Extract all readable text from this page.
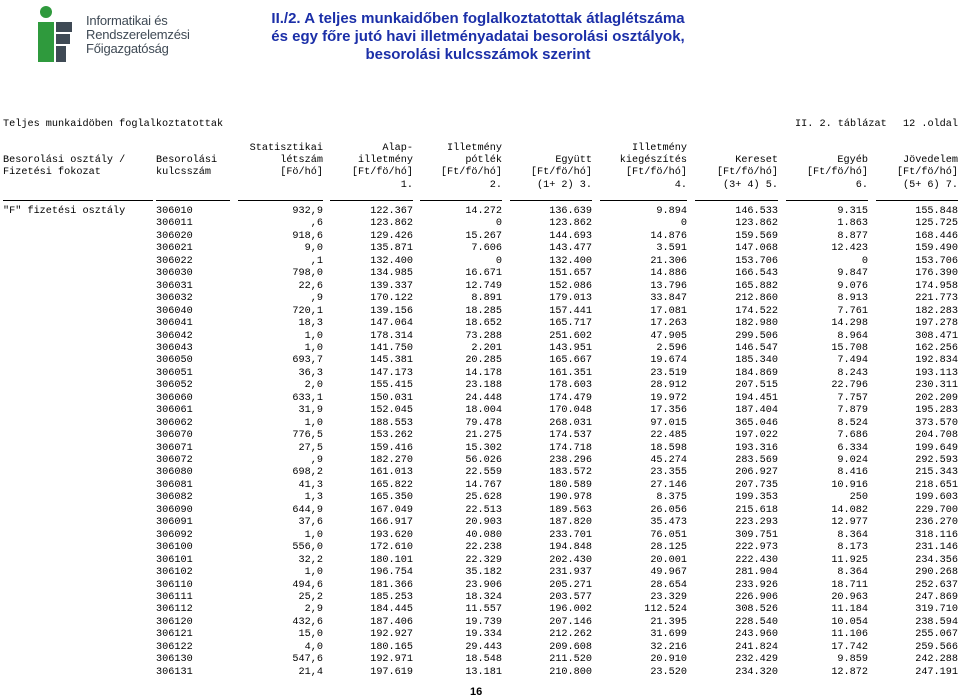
Informatikai és
Rendszerelemzési
Főigazgatóság
II./2. A teljes munkaidőben foglalkoztatottak átlaglétszáma
és egy főre jutó havi illetményadatai besorolási osztályok,
besorolási kulcsszámok szerint
Teljes munkaidöben foglalkoztatottak	II. 2. táblázat 12 .oldal
Statisztikai	Alap-	Illetmény	Illetmény
Besorolási osztály /	Besorolási	létszám	illetmény	pótlék	Együtt	kiegészítés	Kereset	Egyéb	Jövedelem
Fizetési fokozat	kulcsszám	[Fö/hó]	[Ft/fö/hó]	[Ft/fö/hó]	[Ft/fö/hó]	[Ft/fö/hó]	[Ft/fö/hó]	[Ft/fö/hó]	[Ft/fö/hó]
1.	2.	(1+ 2) 3.	4.	(3+ 4) 5.	6.	(5+ 6) 7.
"F" fizetési osztály	306010	932,9	122.367	14.272	136.639	9.894	146.533	9.315	155.848
306011	,6	123.862	0	123.862	0	123.862	1.863	125.725
306020	918,6	129.426	15.267	144.693	14.876	159.569	8.877	168.446
306021	9,0	135.871	7.606	143.477	3.591	147.068	12.423	159.490
306022	,1	132.400	0	132.400	21.306	153.706	0	153.706
306030	798,0	134.985	16.671	151.657	14.886	166.543	9.847	176.390
306031	22,6	139.337	12.749	152.086	13.796	165.882	9.076	174.958
306032	,9	170.122	8.891	179.013	33.847	212.860	8.913	221.773
306040	720,1	139.156	18.285	157.441	17.081	174.522	7.761	182.283
306041	18,3	147.064	18.652	165.717	17.263	182.980	14.298	197.278
306042	1,0	178.314	73.288	251.602	47.905	299.506	8.964	308.471
306043	1,0	141.750	2.201	143.951	2.596	146.547	15.708	162.256
306050	693,7	145.381	20.285	165.667	19.674	185.340	7.494	192.834
306051	36,3	147.173	14.178	161.351	23.519	184.869	8.243	193.113
306052	2,0	155.415	23.188	178.603	28.912	207.515	22.796	230.311
306060	633,1	150.031	24.448	174.479	19.972	194.451	7.757	202.209
306061	31,9	152.045	18.004	170.048	17.356	187.404	7.879	195.283
306062	1,0	188.553	79.478	268.031	97.015	365.046	8.524	373.570
306070	776,5	153.262	21.275	174.537	22.485	197.022	7.686	204.708
306071	27,5	159.416	15.302	174.718	18.598	193.316	6.334	199.649
306072	,9	182.270	56.026	238.296	45.274	283.569	9.024	292.593
306080	698,2	161.013	22.559	183.572	23.355	206.927	8.416	215.343
306081	41,3	165.822	14.767	180.589	27.146	207.735	10.916	218.651
306082	1,3	165.350	25.628	190.978	8.375	199.353	250	199.603
306090	644,9	167.049	22.513	189.563	26.056	215.618	14.082	229.700
306091	37,6	166.917	20.903	187.820	35.473	223.293	12.977	236.270
306092	1,0	193.620	40.080	233.701	76.051	309.751	8.364	318.116
306100	556,0	172.610	22.238	194.848	28.125	222.973	8.173	231.146
306101	32,2	180.101	22.329	202.430	20.001	222.430	11.925	234.356
306102	1,0	196.754	35.182	231.937	49.967	281.904	8.364	290.268
306110	494,6	181.366	23.906	205.271	28.654	233.926	18.711	252.637
306111	25,2	185.253	18.324	203.577	23.329	226.906	20.963	247.869
306112	2,9	184.445	11.557	196.002	112.524	308.526	11.184	319.710
306120	432,6	187.406	19.739	207.146	21.395	228.540	10.054	238.594
306121	15,0	192.927	19.334	212.262	31.699	243.960	11.106	255.067
306122	4,0	180.165	29.443	209.608	32.216	241.824	17.742	259.566
306130	547,6	192.971	18.548	211.520	20.910	232.429	9.859	242.288
306131	21,4	197.619	13.181	210.800	23.520	234.320	12.872	247.191
16
